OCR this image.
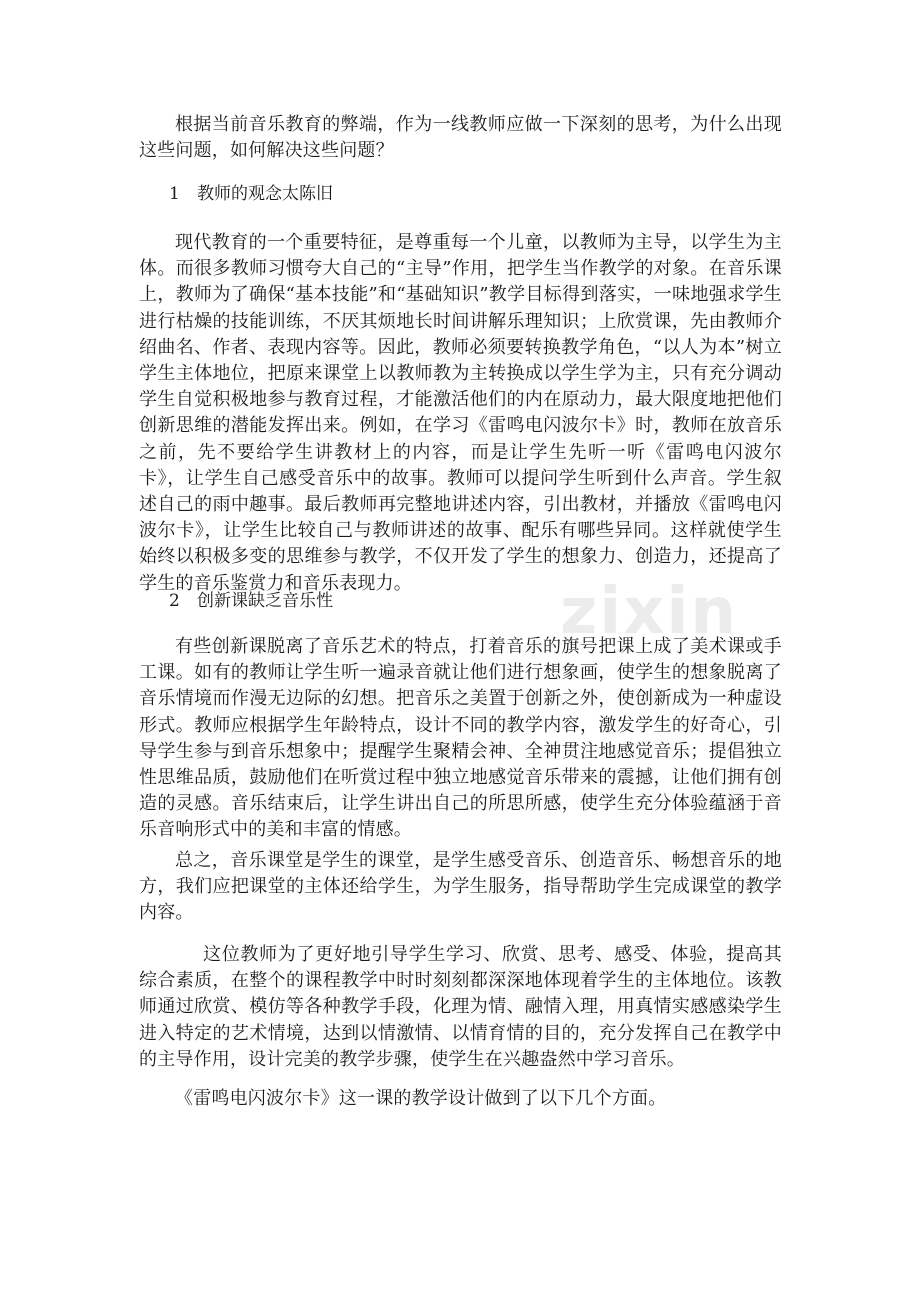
zixin

根据当前音乐教育的弊端，作为一线教师应做一下深刻的思考，为什么出现这些问题，如何解决这些问题？

1 教师的观念太陈旧

现代教育的一个重要特征，是尊重每一个儿童，以教师为主导，以学生为主体。而很多教师习惯夸大自己的“主导”作用，把学生当作教学的对象。在音乐课上，教师为了确保“基本技能”和“基础知识”教学目标得到落实，一味地强求学生进行枯燥的技能训练，不厌其烦地长时间讲解乐理知识；上欣赏课，先由教师介绍曲名、作者、表现内容等。因此，教师必须要转换教学角色，“以人为本”树立学生主体地位，把原来课堂上以教师教为主转换成以学生学为主，只有充分调动学生自觉积极地参与教育过程，才能激活他们的内在原动力，最大限度地把他们创新思维的潜能发挥出来。例如，在学习《雷鸣电闪波尔卡》时，教师在放音乐之前，先不要给学生讲教材上的内容，而是让学生先听一听《雷鸣电闪波尔卡》，让学生自己感受音乐中的故事。教师可以提问学生听到什么声音。学生叙述自己的雨中趣事。最后教师再完整地讲述内容，引出教材，并播放《雷鸣电闪波尔卡》，让学生比较自己与教师讲述的故事、配乐有哪些异同。这样就使学生始终以积极多变的思维参与教学，不仅开发了学生的想象力、创造力，还提高了学生的音乐鉴赏力和音乐表现力。

2 创新课缺乏音乐性

有些创新课脱离了音乐艺术的特点，打着音乐的旗号把课上成了美术课或手工课。如有的教师让学生听一遍录音就让他们进行想象画，使学生的想象脱离了音乐情境而作漫无边际的幻想。把音乐之美置于创新之外，使创新成为一种虚设形式。教师应根据学生年龄特点，设计不同的教学内容，激发学生的好奇心，引导学生参与到音乐想象中；提醒学生聚精会神、全神贯注地感觉音乐；提倡独立性思维品质，鼓励他们在听赏过程中独立地感觉音乐带来的震撼，让他们拥有创造的灵感。音乐结束后，让学生讲出自己的所思所感，使学生充分体验蕴涵于音乐音响形式中的美和丰富的情感。

总之，音乐课堂是学生的课堂，是学生感受音乐、创造音乐、畅想音乐的地方，我们应把课堂的主体还给学生，为学生服务，指导帮助学生完成课堂的教学内容。

这位教师为了更好地引导学生学习、欣赏、思考、感受、体验，提高其综合素质，在整个的课程教学中时时刻刻都深深地体现着学生的主体地位。该教师通过欣赏、模仿等各种教学手段，化理为情、融情入理，用真情实感感染学生进入特定的艺术情境，达到以情激情、以情育情的目的，充分发挥自己在教学中的主导作用，设计完美的教学步骤，使学生在兴趣盎然中学习音乐。

《雷鸣电闪波尔卡》这一课的教学设计做到了以下几个方面。
